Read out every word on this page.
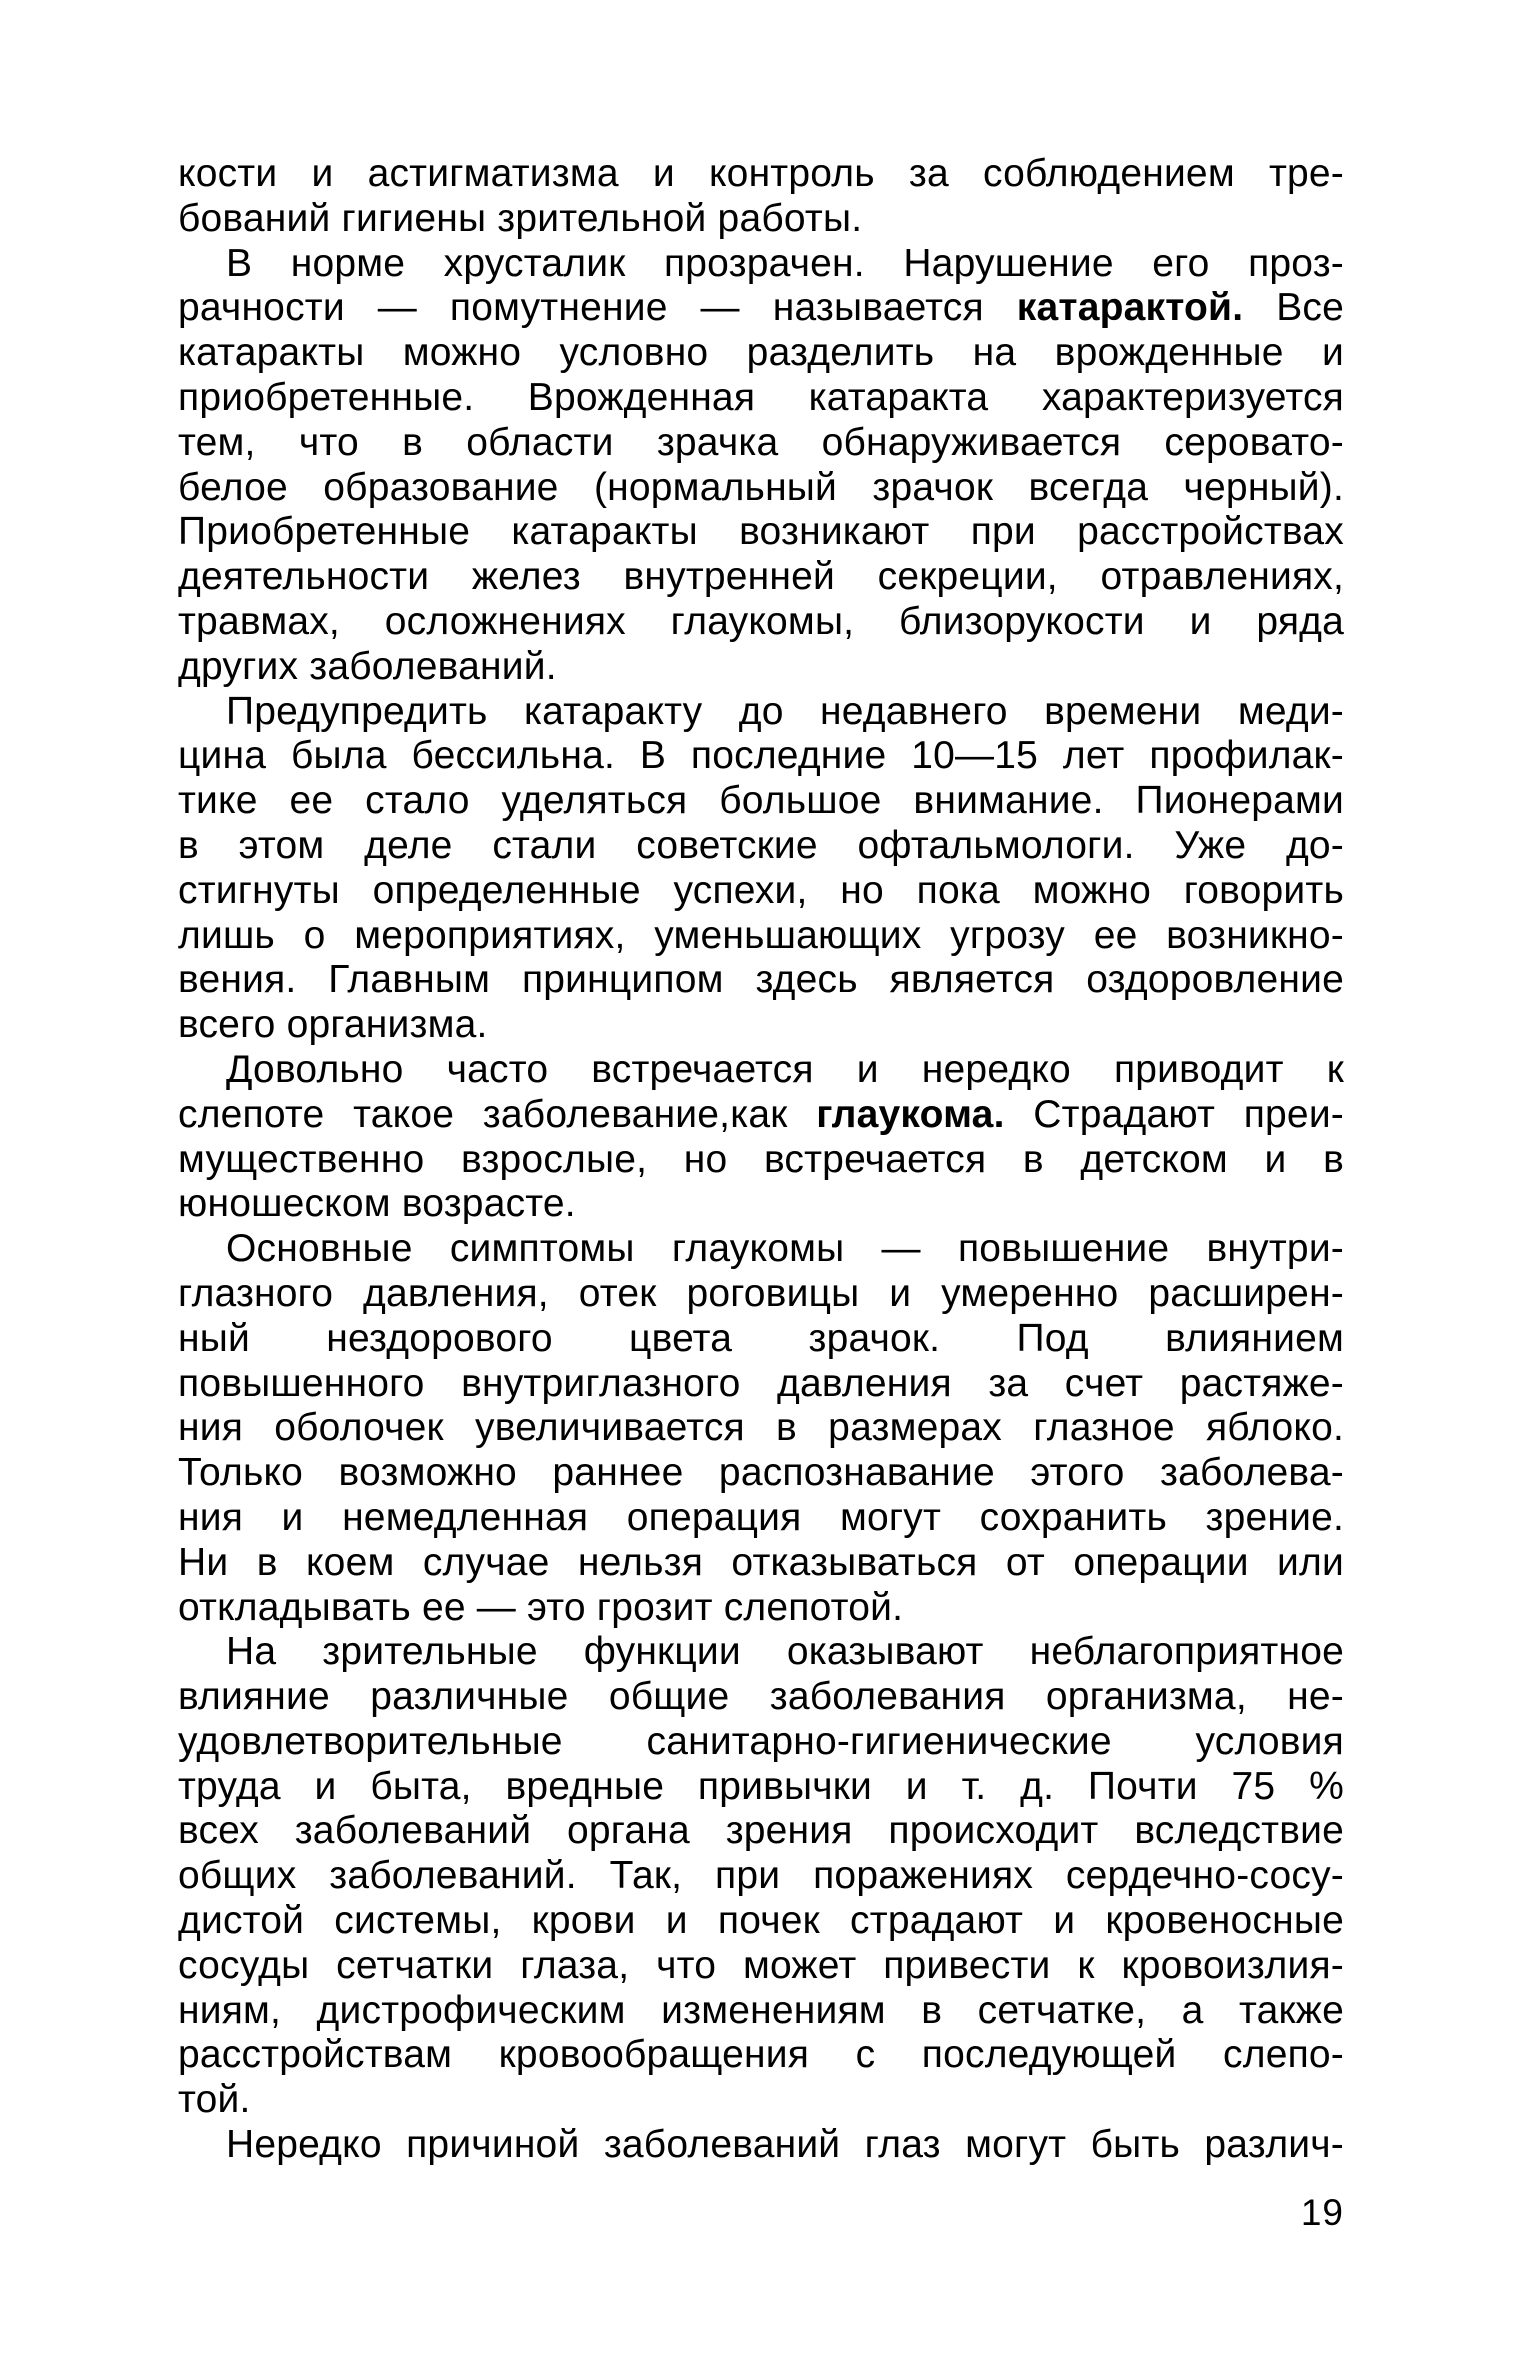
кости и астигматизма и контроль за соблюдением тре-
бований гигиены зрительной работы.
В норме хрусталик прозрачен. Нарушение его проз-
рачности — помутнение — называется катарактой. Все
катаракты можно условно разделить на врожденные и
приобретенные. Врожденная катаракта характеризуется
тем, что в области зрачка обнаруживается серовато-
белое образование (нормальный зрачок всегда черный).
Приобретенные катаракты возникают при расстройствах
деятельности желез внутренней секреции, отравлениях,
травмах, осложнениях глаукомы, близорукости и ряда
других заболеваний.
Предупредить катаракту до недавнего времени меди-
цина была бессильна. В последние 10—15 лет профилак-
тике ее стало уделяться большое внимание. Пионерами
в этом деле стали советские офтальмологи. Уже до-
стигнуты определенные успехи, но пока можно говорить
лишь о мероприятиях, уменьшающих угрозу ее возникно-
вения. Главным принципом здесь является оздоровление
всего организма.
Довольно часто встречается и нередко приводит к
слепоте такое заболевание,как глаукома. Страдают преи-
мущественно взрослые, но встречается в детском и в
юношеском возрасте.
Основные симптомы глаукомы — повышение внутри-
глазного давления, отек роговицы и умеренно расширен-
ный нездорового цвета зрачок. Под влиянием
повышенного внутриглазного давления за счет растяже-
ния оболочек увеличивается в размерах глазное яблоко.
Только возможно раннее распознавание этого заболева-
ния и немедленная операция могут сохранить зрение.
Ни в коем случае нельзя отказываться от операции или
откладывать ее — это грозит слепотой.
На зрительные функции оказывают неблагоприятное
влияние различные общие заболевания организма, не-
удовлетворительные санитарно-гигиенические условия
труда и быта, вредные привычки и т. д. Почти 75 %
всех заболеваний органа зрения происходит вследствие
общих заболеваний. Так, при поражениях сердечно-сосу-
дистой системы, крови и почек страдают и кровеносные
сосуды сетчатки глаза, что может привести к кровоизлия-
ниям, дистрофическим изменениям в сетчатке, а также
расстройствам кровообращения с последующей слепо-
той.
Нередко причиной заболеваний глаз могут быть различ-
19
